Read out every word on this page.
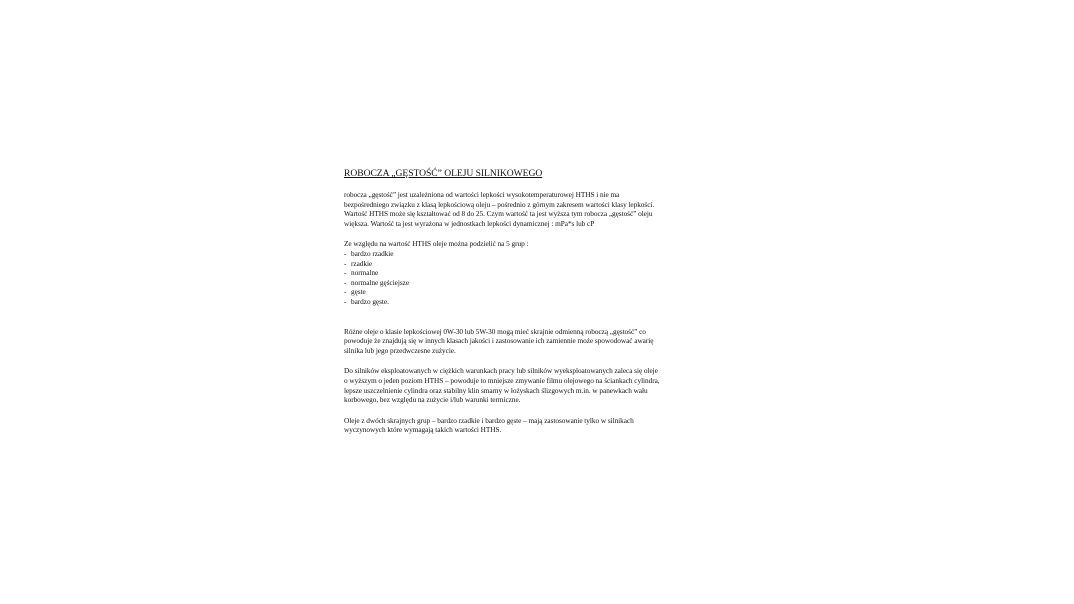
ROBOCZA „GĘSTOŚĆ” OLEJU SILNIKOWEGO
robocza „gęstość” jest uzależniona od wartości lepkości wysokotemperaturowej HTHS i nie ma
bezpośredniego związku z klasą lepkościową oleju – pośrednio z górnym zakresem wartości klasy lepkości.
Wartość HTHS może się kształtować od 8 do 25. Czym wartość ta jest wyższa tym robocza „gęstość” oleju
większa. Wartość ta jest wyrażona w jednostkach lepkości dynamicznej : mPa*s lub cP
Ze względu na wartość HTHS oleje można podzielić na 5 grup :
- bardzo rzadkie
- rzadkie
- normalne
- normalne gęściejsze
- gęste
- bardzo gęste.
Różne oleje o klasie lepkościowej 0W-30 lub 5W-30 mogą mieć skrajnie odmienną roboczą „gęstość” co
powoduje że znajdują się w innych klasach jakości i zastosowanie ich zamiennie może spowodować awarię
silnika lub jego przedwczesne zużycie.
Do silników eksploatowanych w ciężkich warunkach pracy lub silników wyeksploatowanych zaleca się oleje
o wyższym o jeden poziom HTHS – powoduje to mniejsze zmywanie filmu olejowego na ściankach cylindra,
lepsze uszczelnienie cylindra oraz stabilny klin smarny w łożyskach ślizgowych m.in. w panewkach wału
korbowego, bez względu na zużycie i/lub warunki termiczne.
Oleje z dwóch skrajnych grup – bardzo rzadkie i bardzo gęste – mają zastosowanie tylko w silnikach
wyczynowych które wymagają takich wartości HTHS.
